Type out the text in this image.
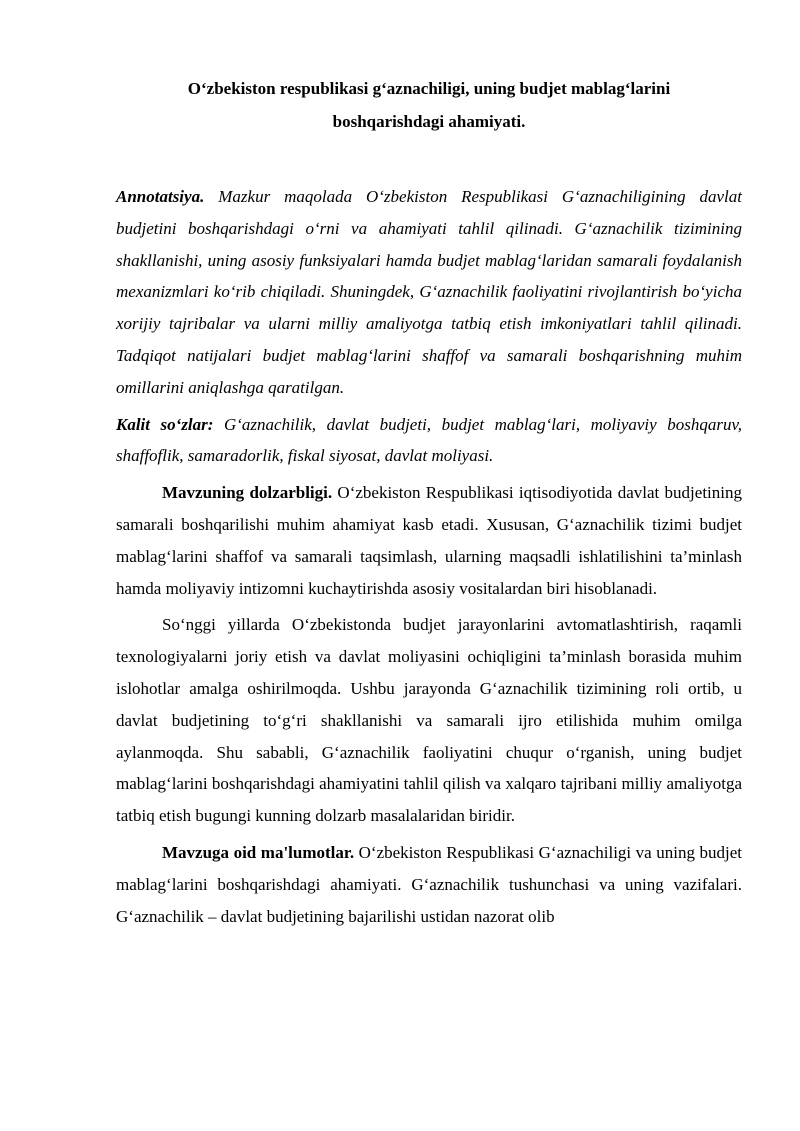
O‘zbekiston respublikasi g‘aznachiligi, uning budjet mablag‘larini
boshqarishdagi ahamiyati.

Annotatsiya. Mazkur maqolada O‘zbekiston Respublikasi G‘aznachiligining davlat budjetini boshqarishdagi o‘rni va ahamiyati tahlil qilinadi. G‘aznachilik tizimining shakllanishi, uning asosiy funksiyalari hamda budjet mablag‘laridan samarali foydalanish mexanizmlari ko‘rib chiqiladi. Shuningdek, G‘aznachilik faoliyatini rivojlantirish bo‘yicha xorijiy tajribalar va ularni milliy amaliyotga tatbiq etish imkoniyatlari tahlil qilinadi. Tadqiqot natijalari budjet mablag‘larini shaffof va samarali boshqarishning muhim omillarini aniqlashga qaratilgan.

Kalit so‘zlar: G‘aznachilik, davlat budjeti, budjet mablag‘lari, moliyaviy boshqaruv, shaffoflik, samaradorlik, fiskal siyosat, davlat moliyasi.

Mavzuning dolzarbligi. O‘zbekiston Respublikasi iqtisodiyotida davlat budjetining samarali boshqarilishi muhim ahamiyat kasb etadi. Xususan, G‘aznachilik tizimi budjet mablag‘larini shaffof va samarali taqsimlash, ularning maqsadli ishlatilishini ta’minlash hamda moliyaviy intizomni kuchaytirishda asosiy vositalardan biri hisoblanadi.

So‘nggi yillarda O‘zbekistonda budjet jarayonlarini avtomatlashtirish, raqamli texnologiyalarni joriy etish va davlat moliyasini ochiqligini ta’minlash borasida muhim islohotlar amalga oshirilmoqda. Ushbu jarayonda G‘aznachilik tizimining roli ortib, u davlat budjetining to‘g‘ri shakllanishi va samarali ijro etilishida muhim omilga aylanmoqda. Shu sababli, G‘aznachilik faoliyatini chuqur o‘rganish, uning budjet mablag‘larini boshqarishdagi ahamiyatini tahlil qilish va xalqaro tajribani milliy amaliyotga tatbiq etish bugungi kunning dolzarb masalalaridan biridir.

Mavzuga oid ma'lumotlar. O‘zbekiston Respublikasi G‘aznachiligi va uning budjet mablag‘larini boshqarishdagi ahamiyati. G‘aznachilik tushunchasi va uning vazifalari. G‘aznachilik – davlat budjetining bajarilishi ustidan nazorat olib
